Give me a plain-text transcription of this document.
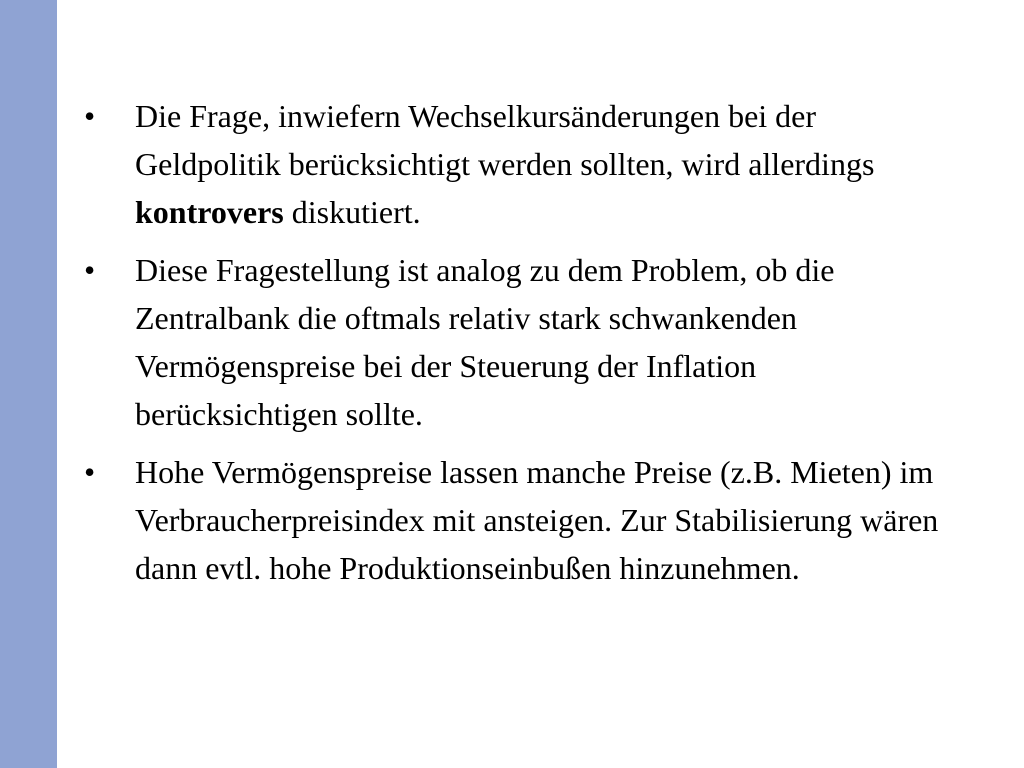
• Die Frage, inwiefern Wechselkursänderungen bei der Geldpolitik berücksichtigt werden sollten, wird allerdings kontrovers diskutiert.
• Diese Fragestellung ist analog zu dem Problem, ob die Zentralbank die oftmals relativ stark schwankenden Vermögenspreise bei der Steuerung der Inflation berücksichtigen sollte.
• Hohe Vermögenspreise lassen manche Preise (z.B. Mieten) im Verbraucherpreisindex mit ansteigen. Zur Stabilisierung wären dann evtl. hohe Produktionseinbußen hinzunehmen.
